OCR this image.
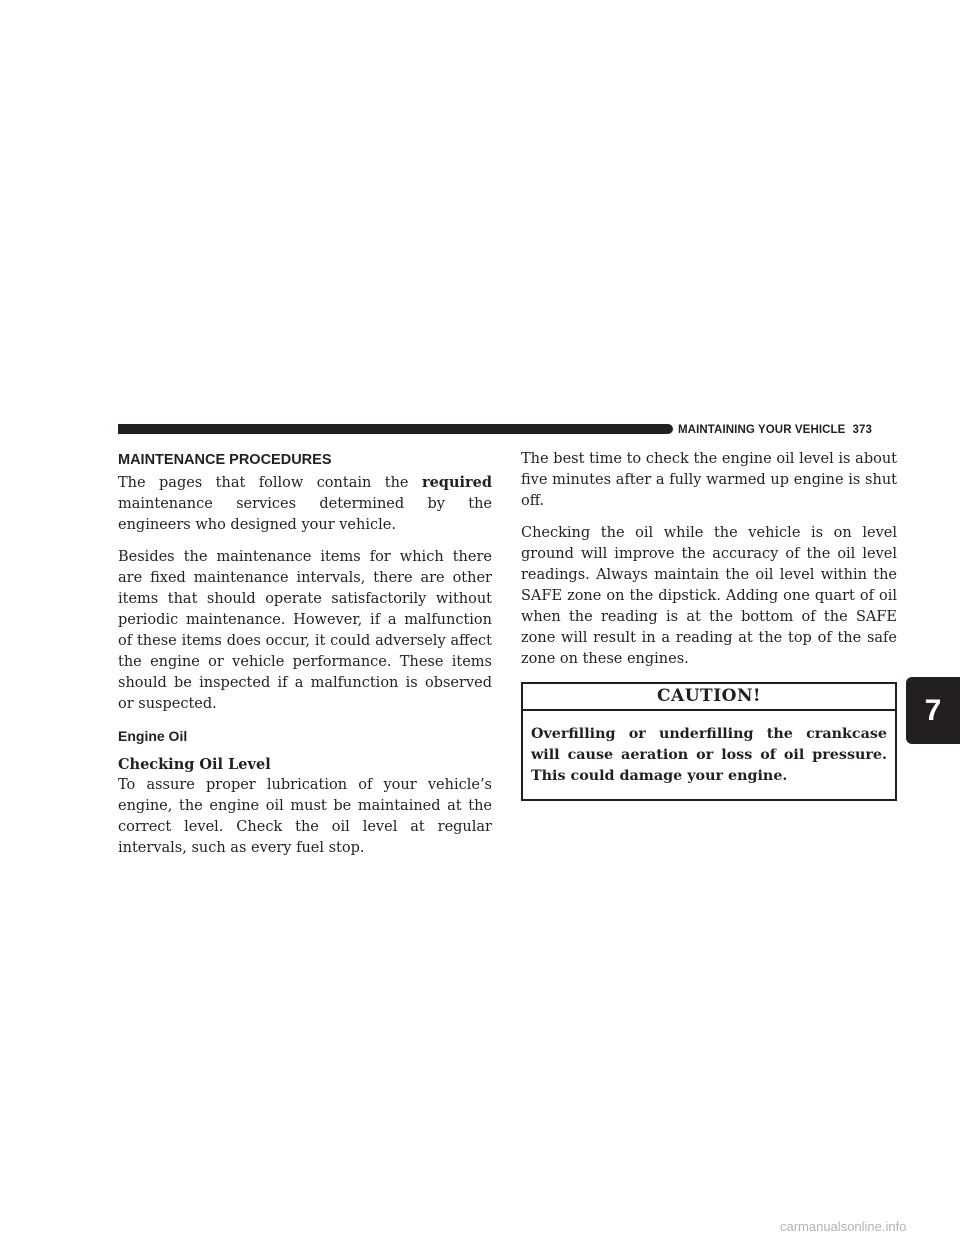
MAINTAINING YOUR VEHICLE 373
MAINTENANCE PROCEDURES

The pages that follow contain the required maintenance services determined by the engineers who designed your vehicle.

Besides the maintenance items for which there are fixed maintenance intervals, there are other items that should operate satisfactorily without periodic maintenance. However, if a malfunction of these items does occur, it could adversely affect the engine or vehicle performance. These items should be inspected if a malfunction is observed or suspected.

Engine Oil
Checking Oil Level

To assure proper lubrication of your vehicle’s engine, the engine oil must be maintained at the correct level. Check the oil level at regular intervals, such as every fuel stop.

The best time to check the engine oil level is about five minutes after a fully warmed up engine is shut off.

Checking the oil while the vehicle is on level ground will improve the accuracy of the oil level readings. Always maintain the oil level within the SAFE zone on the dipstick. Adding one quart of oil when the reading is at the bottom of the SAFE zone will result in a reading at the top of the safe zone on these engines.

CAUTION!
Overfilling or underfilling the crankcase will cause aeration or loss of oil pressure. This could damage your engine.
7
carmanualsonline.info
